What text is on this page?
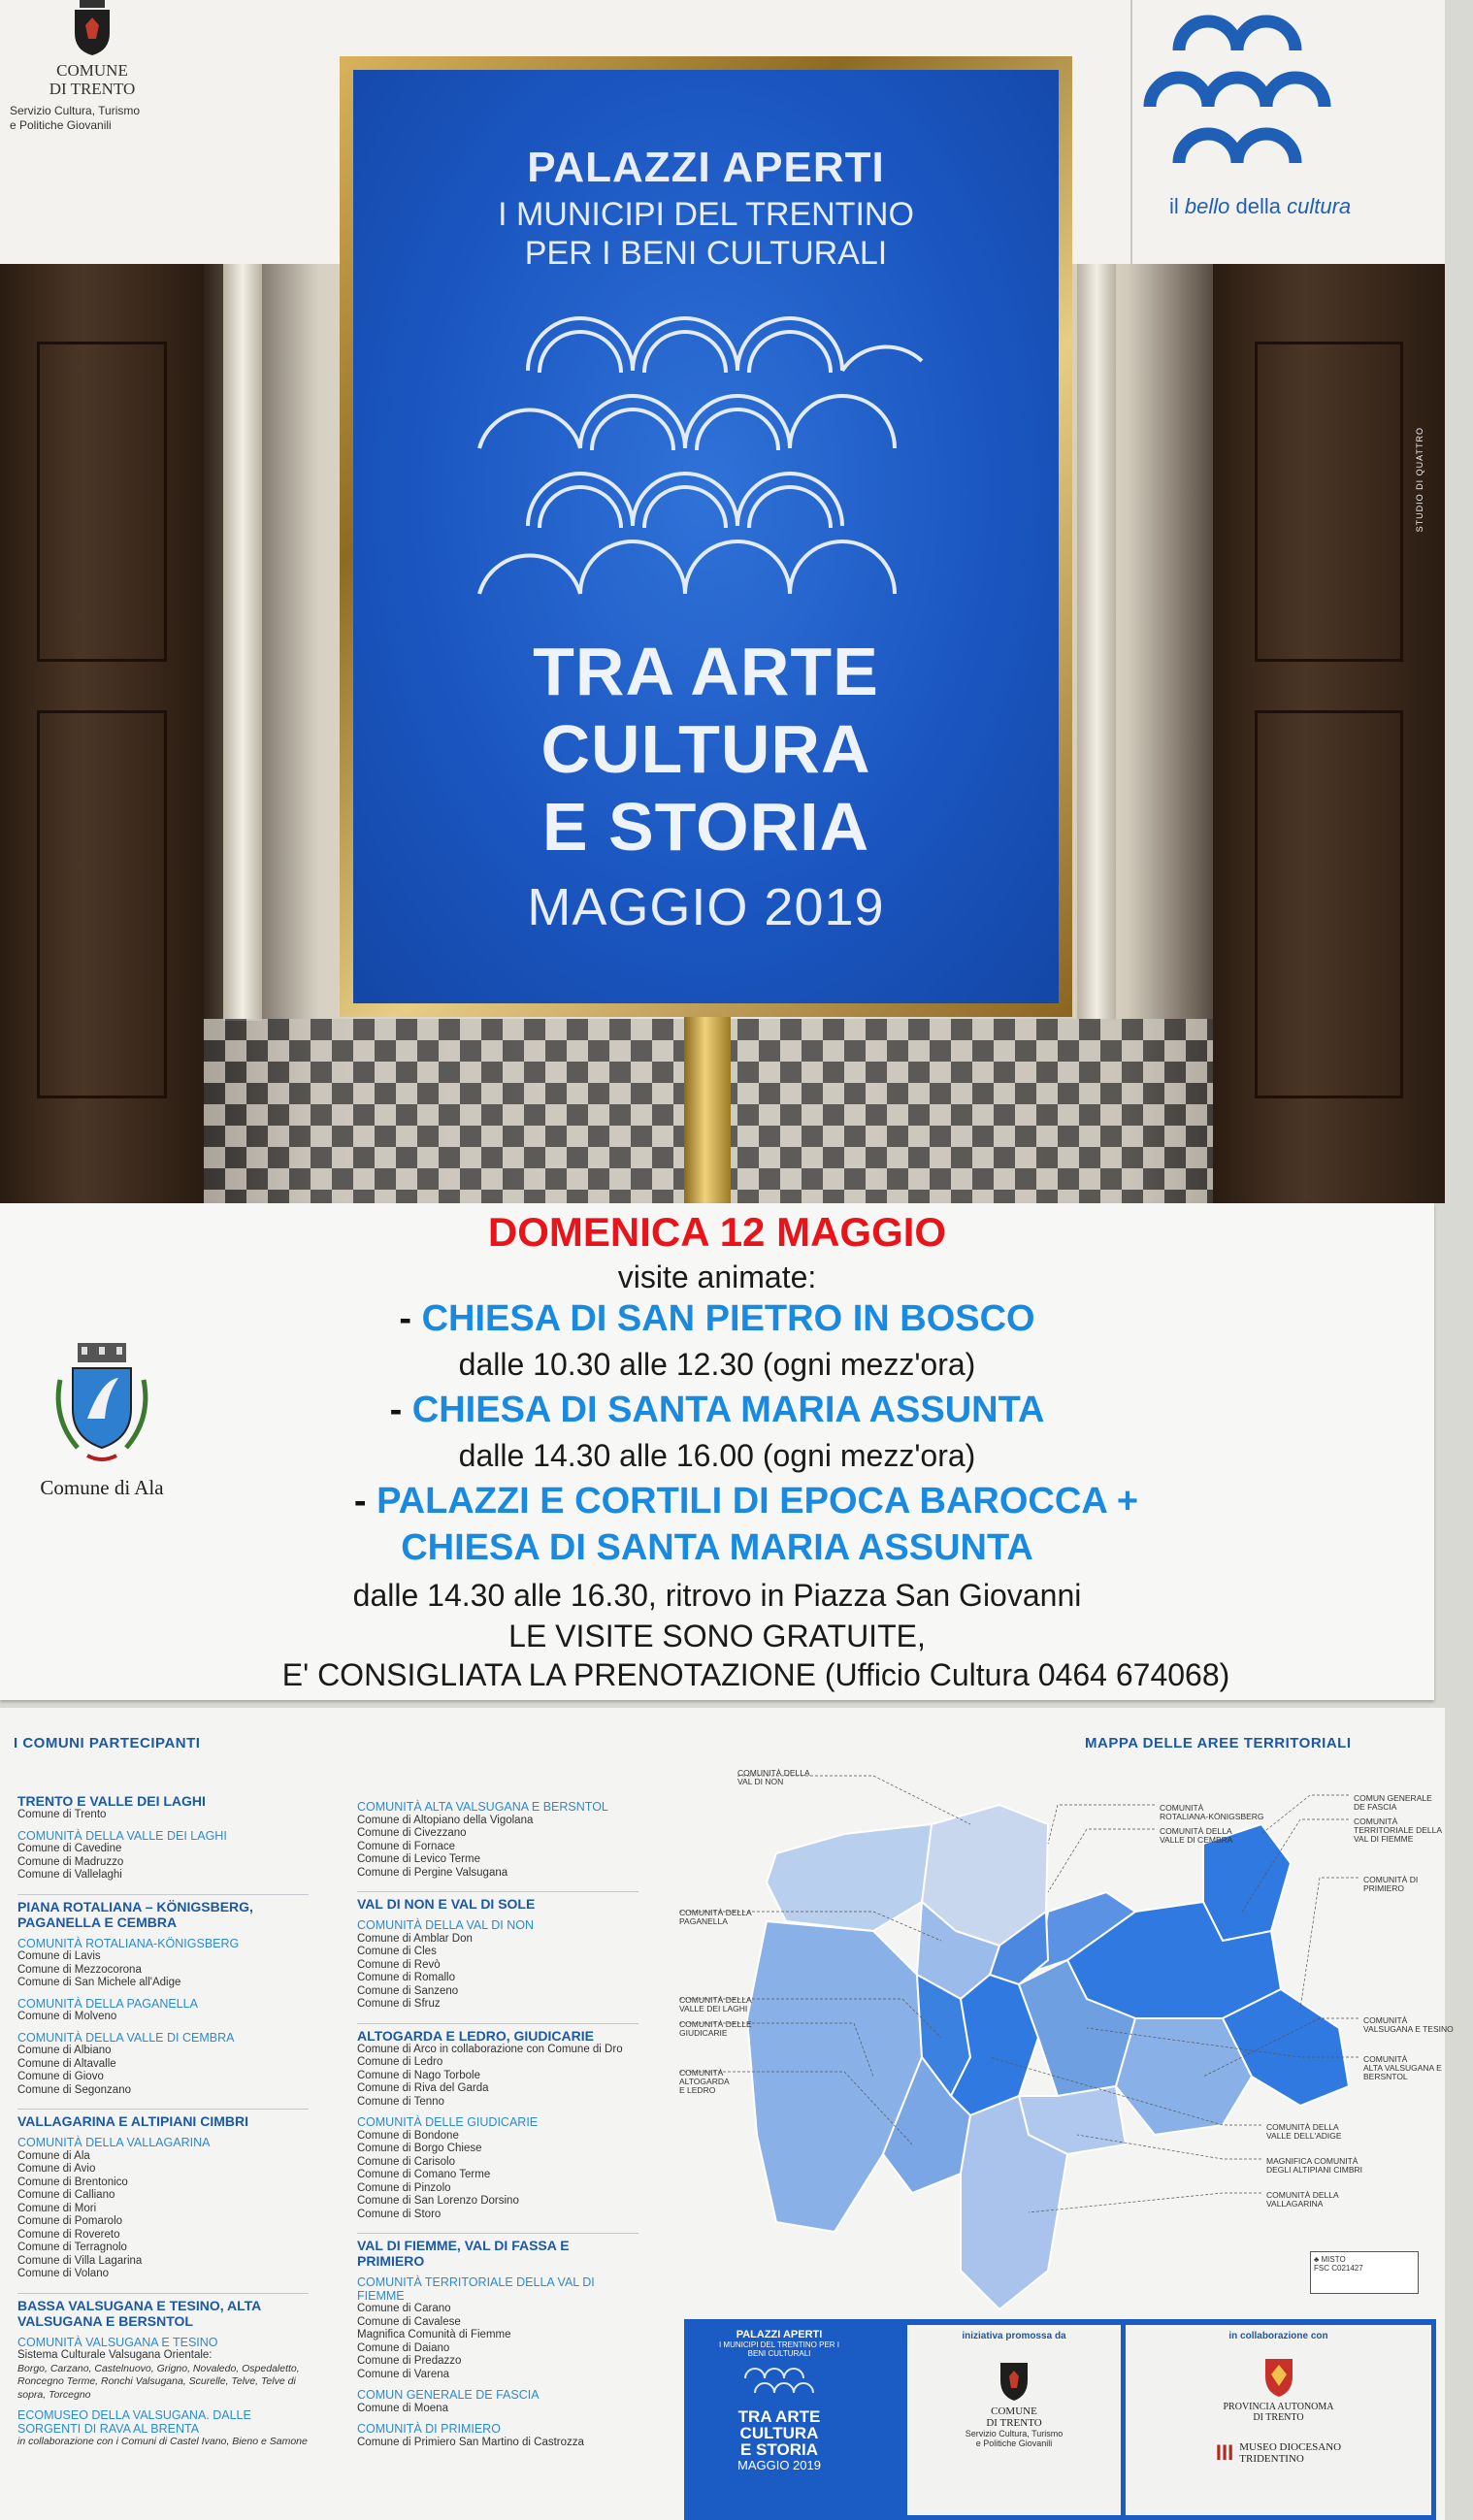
COMUNE
DI TRENTO
Servizio Cultura, Turismo
e Politiche Giovanili
il bello della cultura
PALAZZI APERTI
I MUNICIPI DEL TRENTINO
PER I BENI CULTURALI
TRA ARTE
CULTURA
E STORIA
MAGGIO 2019
STUDIO DI QUATTRO
Comune di Ala
DOMENICA 12 MAGGIO
visite animate:
- CHIESA DI SAN PIETRO IN BOSCO
dalle 10.30 alle 12.30 (ogni mezz'ora)
- CHIESA DI SANTA MARIA ASSUNTA
dalle 14.30 alle 16.00 (ogni mezz'ora)
- PALAZZI E CORTILI DI EPOCA BAROCCA +
CHIESA DI SANTA MARIA ASSUNTA
dalle 14.30 alle 16.30, ritrovo in Piazza San Giovanni
LE VISITE SONO GRATUITE,
E' CONSIGLIATA LA PRENOTAZIONE (Ufficio Cultura 0464 674068)
I COMUNI PARTECIPANTI	MAPPA DELLE AREE TERRITORIALI
TRENTO E VALLE DEI LAGHI
Comune di Trento
COMUNITÀ DELLA VALLE DEI LAGHI
Comune di Cavedine
Comune di Madruzzo
Comune di Vallelaghi
PIANA ROTALIANA – KÖNIGSBERG, PAGANELLA E CEMBRA
COMUNITÀ ROTALIANA-KÖNIGSBERG
Comune di Lavis
Comune di Mezzocorona
Comune di San Michele all'Adige
COMUNITÀ DELLA PAGANELLA
Comune di Molveno
COMUNITÀ DELLA VALLE DI CEMBRA
Comune di Albiano
Comune di Altavalle
Comune di Giovo
Comune di Segonzano
VALLAGARINA E ALTIPIANI CIMBRI
COMUNITÀ DELLA VALLAGARINA
Comune di Ala
Comune di Avio
Comune di Brentonico
Comune di Calliano
Comune di Mori
Comune di Pomarolo
Comune di Rovereto
Comune di Terragnolo
Comune di Villa Lagarina
Comune di Volano
BASSA VALSUGANA E TESINO, ALTA VALSUGANA E BERSNTOL
COMUNITÀ VALSUGANA E TESINO
Sistema Culturale Valsugana Orientale:
Borgo, Carzano, Castelnuovo, Grigno, Novaledo, Ospedaletto, Roncegno Terme, Ronchi Valsugana, Scurelle, Telve, Telve di sopra, Torcegno
ECOMUSEO DELLA VALSUGANA. DALLE SORGENTI DI RAVA AL BRENTA
in collaborazione con i Comuni di Castel Ivano, Bieno e Samone
COMUNITÀ ALTA VALSUGANA E BERSNTOL
Comune di Altopiano della Vigolana
Comune di Civezzano
Comune di Fornace
Comune di Levico Terme
Comune di Pergine Valsugana
VAL DI NON E VAL DI SOLE
COMUNITÀ DELLA VAL DI NON
Comune di Amblar Don
Comune di Cles
Comune di Revò
Comune di Romallo
Comune di Sanzeno
Comune di Sfruz
ALTOGARDA E LEDRO, GIUDICARIE
Comune di Arco in collaborazione con Comune di Dro
Comune di Ledro
Comune di Nago Torbole
Comune di Riva del Garda
Comune di Tenno
COMUNITÀ DELLE GIUDICARIE
Comune di Bondone
Comune di Borgo Chiese
Comune di Carisolo
Comune di Comano Terme
Comune di Pinzolo
Comune di San Lorenzo Dorsino
Comune di Storo
VAL DI FIEMME, VAL DI FASSA E PRIMIERO
COMUNITÀ TERRITORIALE DELLA VAL DI FIEMME
Comune di Carano
Comune di Cavalese
Magnifica Comunità di Fiemme
Comune di Daiano
Comune di Predazzo
Comune di Varena
COMUN GENERALE DE FASCIA
Comune di Moena
COMUNITÀ DI PRIMIERO
Comune di Primiero San Martino di Castrozza
COMUNITÀ DELLA VAL DI NON
COMUNITÀ ROTALIANA-KÖNIGSBERG
COMUNITÀ DELLA VALLE DI CEMBRA
COMUN GENERALE DE FASCIA
COMUNITÀ TERRITORIALE DELLA VAL DI FIEMME
COMUNITÀ DI PRIMIERO
COMUNITÀ DELLA PAGANELLA
COMUNITÀ DELLA VALLE DEI LAGHI
COMUNITÀ DELLE GIUDICARIE
COMUNITÀ ALTOGARDA E LEDRO
COMUNITÀ VALSUGANA E TESINO
COMUNITÀ ALTA VALSUGANA E BERSNTOL
COMUNITÀ DELLA VALLE DELL'ADIGE
MAGNIFICA COMUNITÀ DEGLI ALTIPIANI CIMBRI
COMUNITÀ DELLA VALLAGARINA
♣ MISTO
FSC C021427
PALAZZI APERTI
I MUNICIPI DEL TRENTINO PER I BENI CULTURALI
TRA ARTE
CULTURA
E STORIA
MAGGIO 2019
iniziativa promossa da
COMUNE
DI TRENTO
Servizio Cultura, Turismo
e Politiche Giovanili
in collaborazione con
PROVINCIA AUTONOMA
DI TRENTO
III MUSEO DIOCESANO
TRIDENTINO
